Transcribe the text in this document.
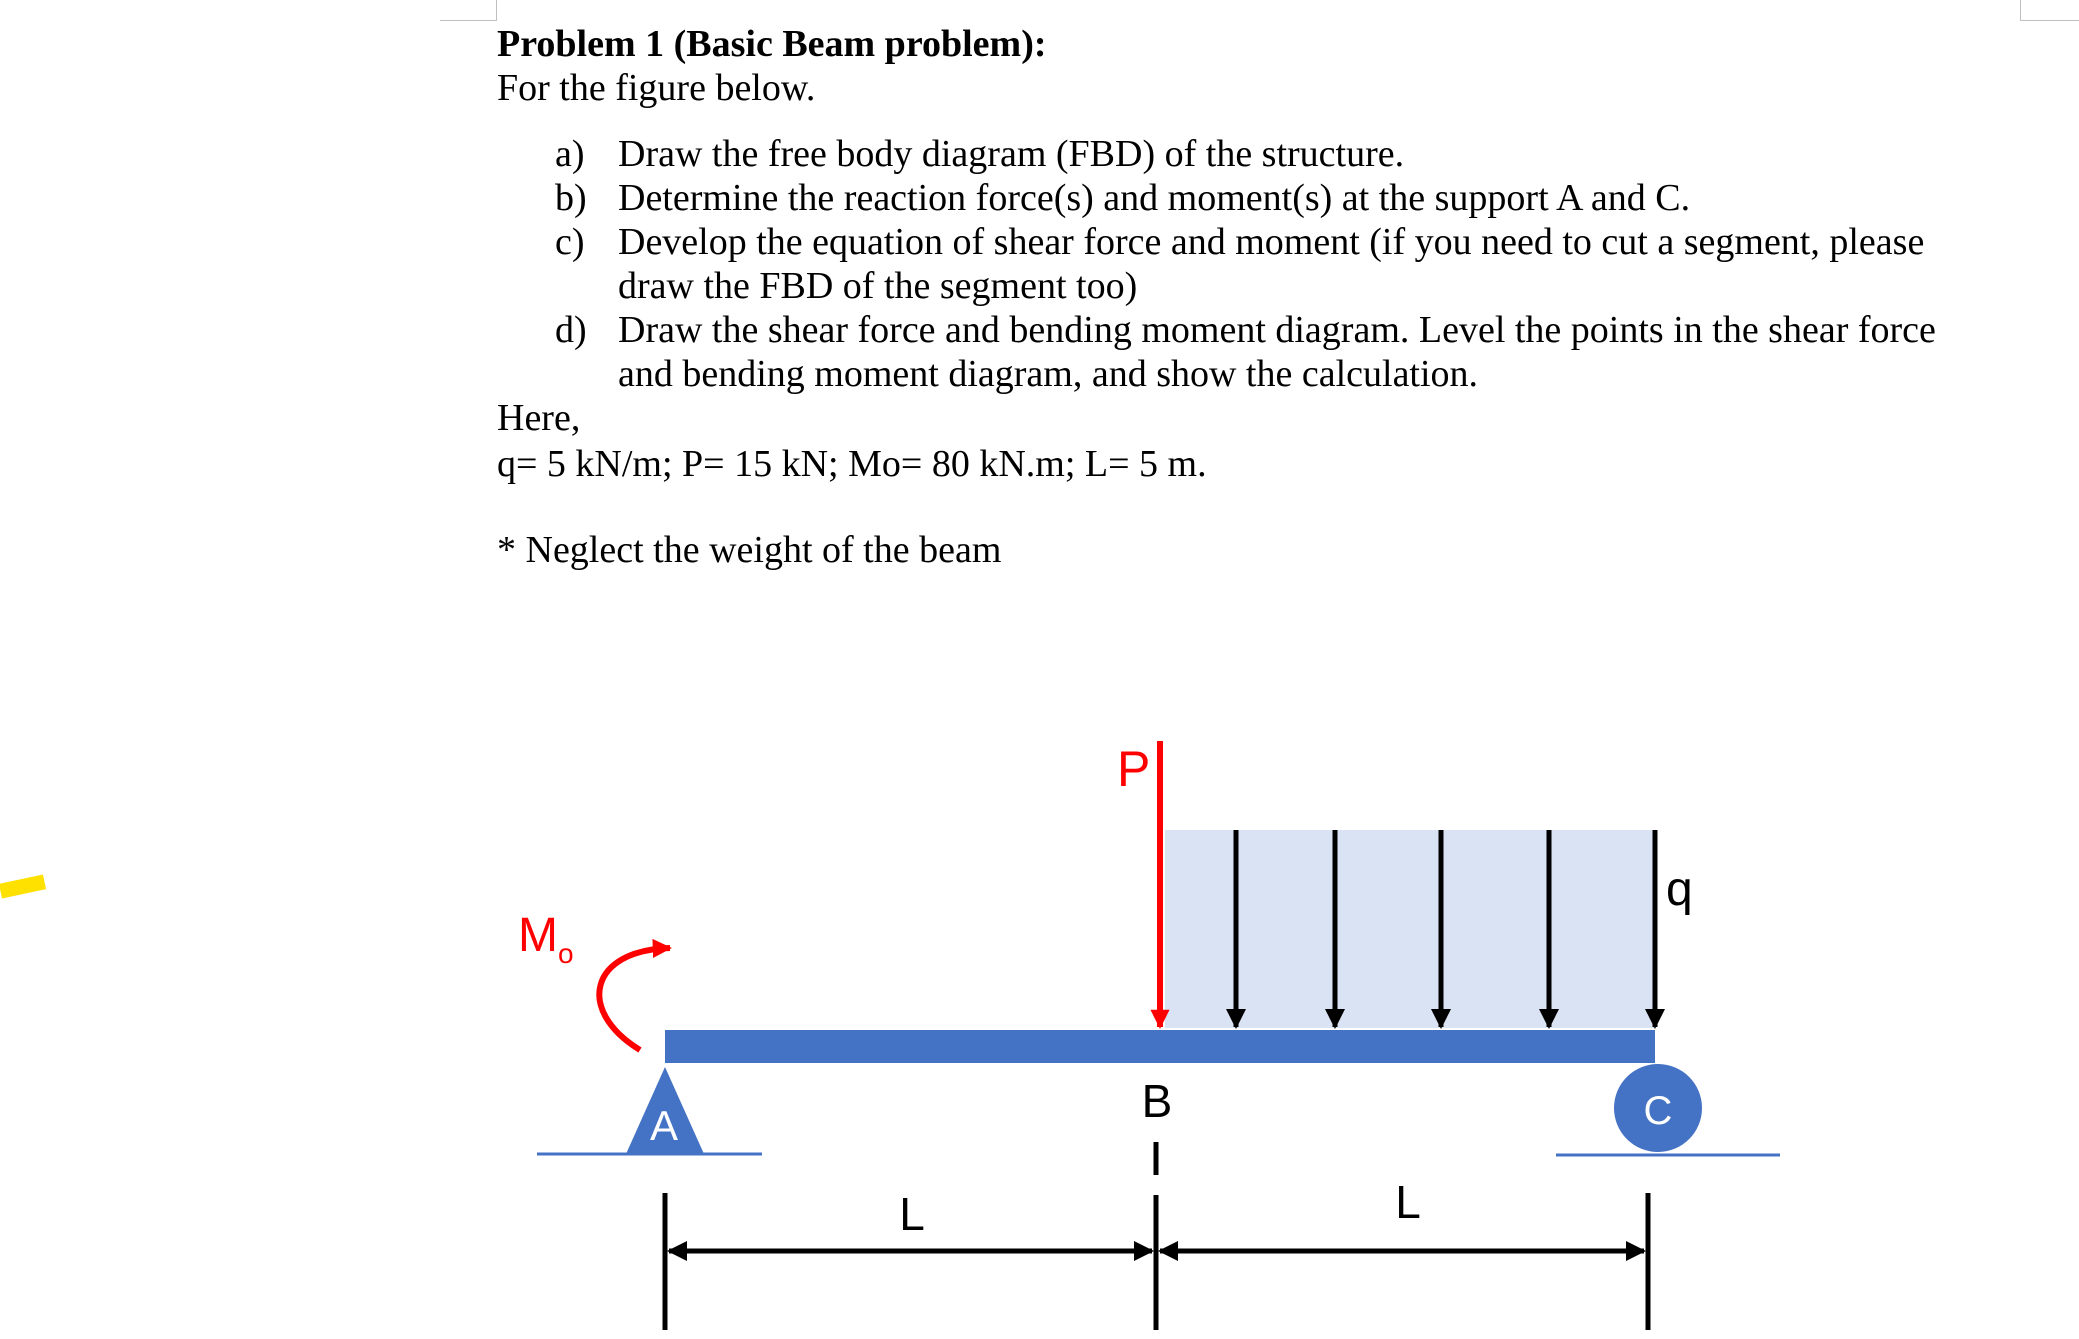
Problem 1 (Basic Beam problem):

For the figure below.

a) Draw the free body diagram (FBD) of the structure.
b) Determine the reaction force(s) and moment(s) at the support A and C.
c) Develop the equation of shear force and moment (if you need to cut a segment, please draw the FBD of the segment too)
d) Draw the shear force and bending moment diagram. Level the points in the shear force and bending moment diagram, and show the calculation.

Here,

q= 5 kN/m; P= 15 kN; Mo= 80 kN.m; L= 5 m.

* Neglect the weight of the beam

P
q
$M_o$
A	B	C
L	L
